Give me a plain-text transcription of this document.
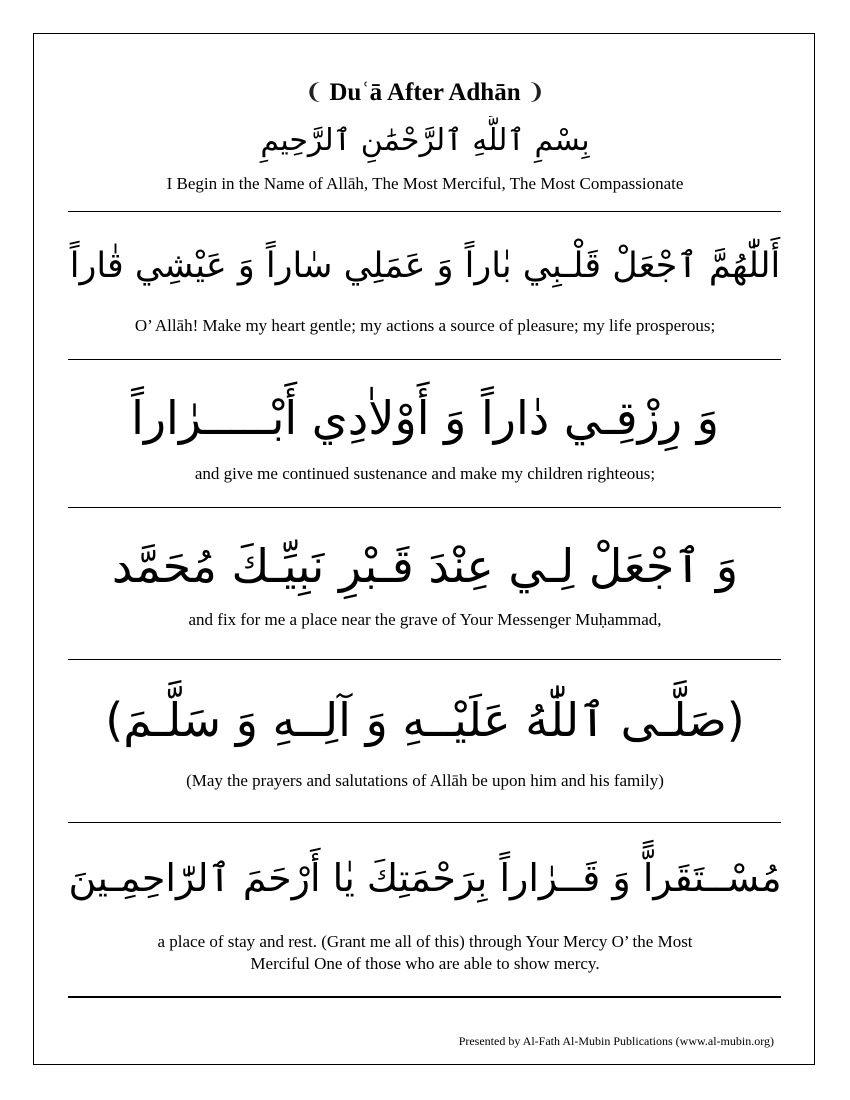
❨ Duʿā After Adhān ❩
بِسْمِ ٱللَّهِ ٱلرَّحْمَٰنِ ٱلرَّحِيمِ
I Begin in the Name of Allāh, The Most Merciful, The Most Compassionate
أَللّٰهُمَّ ٱجْعَلْ قَلْـبِي بٰاراً وَ عَمَلِي سٰاراً وَ عَيْشِي قٰاراً
O’ Allāh! Make my heart gentle; my actions a source of pleasure; my life prosperous;
وَ رِزْقِـي دٰاراً وَ أَوْلاٰدِي أَبْـــــرٰاراً
and give me continued sustenance and make my children righteous;
وَ ٱجْعَلْ لِـي عِنْدَ قَـبْرِ نَبِيِّـكَ مُحَمَّد
and fix for me a place near the grave of Your Messenger Muḥammad,
(صَلَّـى ٱللّٰهُ عَلَيْــهِ وَ آلِــهِ وَ سَلَّـمَ)
(May the prayers and salutations of Allāh be upon him and his family)
مُسْــتَقَراًّ وَ قَــرٰاراً بِرَحْمَتِكَ يٰا أَرْحَمَ ٱلرّٰاحِمِـينَ
a place of stay and rest. (Grant me all of this) through Your Mercy O’ the Most
Merciful One of those who are able to show mercy.
Presented by Al-Fath Al-Mubin Publications (www.al-mubin.org)
